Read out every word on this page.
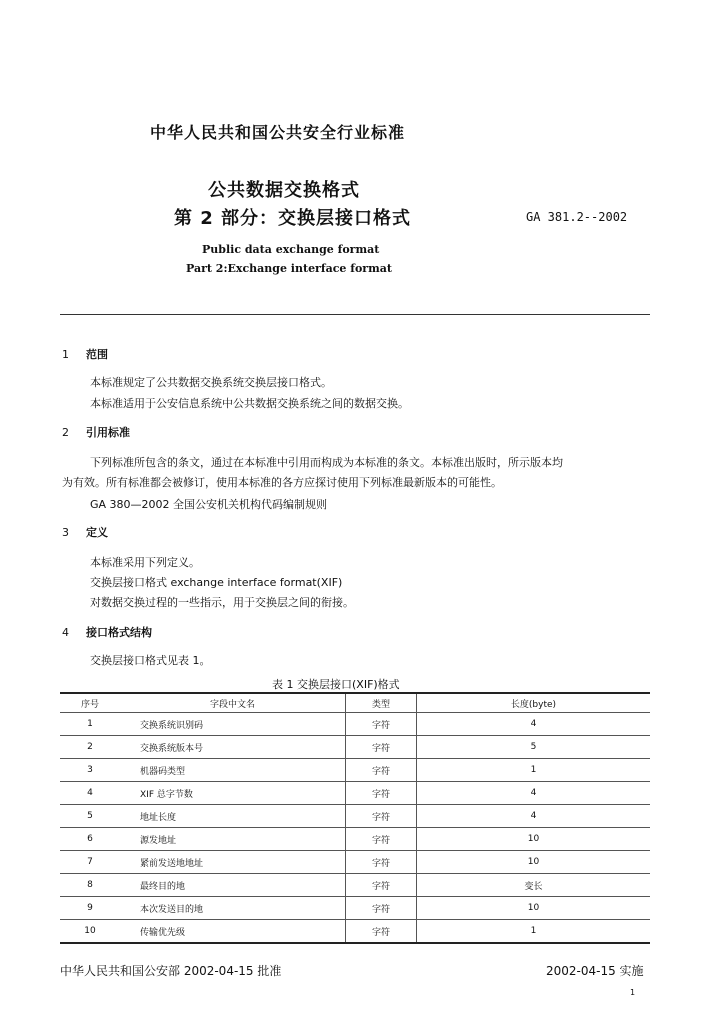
中华人民共和国公共安全行业标准
公共数据交换格式
第 2 部分：交换层接口格式	GA 381.2--2002
Public data exchange format
Part 2:Exchange interface format
1 范围
本标准规定了公共数据交换系统交换层接口格式。
本标准适用于公安信息系统中公共数据交换系统之间的数据交换。
2 引用标准
下列标准所包含的条文，通过在本标准中引用而构成为本标准的条文。本标准出版时，所示版本均
为有效。所有标准都会被修订，使用本标准的各方应探讨使用下列标准最新版本的可能性。
GA 380—2002 全国公安机关机构代码编制规则
3 定义
本标准采用下列定义。
交换层接口格式 exchange interface format(XIF)
对数据交换过程的一些指示，用于交换层之间的衔接。
4 接口格式结构
交换层接口格式见表 1。
表 1 交换层接口(XIF)格式
序号	字段中文名	类型	长度(byte)
1	交换系统识别码	字符	4
2	交换系统版本号	字符	5
3	机器码类型	字符	1
4	XIF 总字节数	字符	4
5	地址长度	字符	4
6	源发地址	字符	10
7	紧前发送地地址	字符	10
8	最终目的地	字符	变长
9	本次发送目的地	字符	10
10	传输优先级	字符	1
中华人民共和国公安部 2002-04-15 批准	2002-04-15 实施
1
